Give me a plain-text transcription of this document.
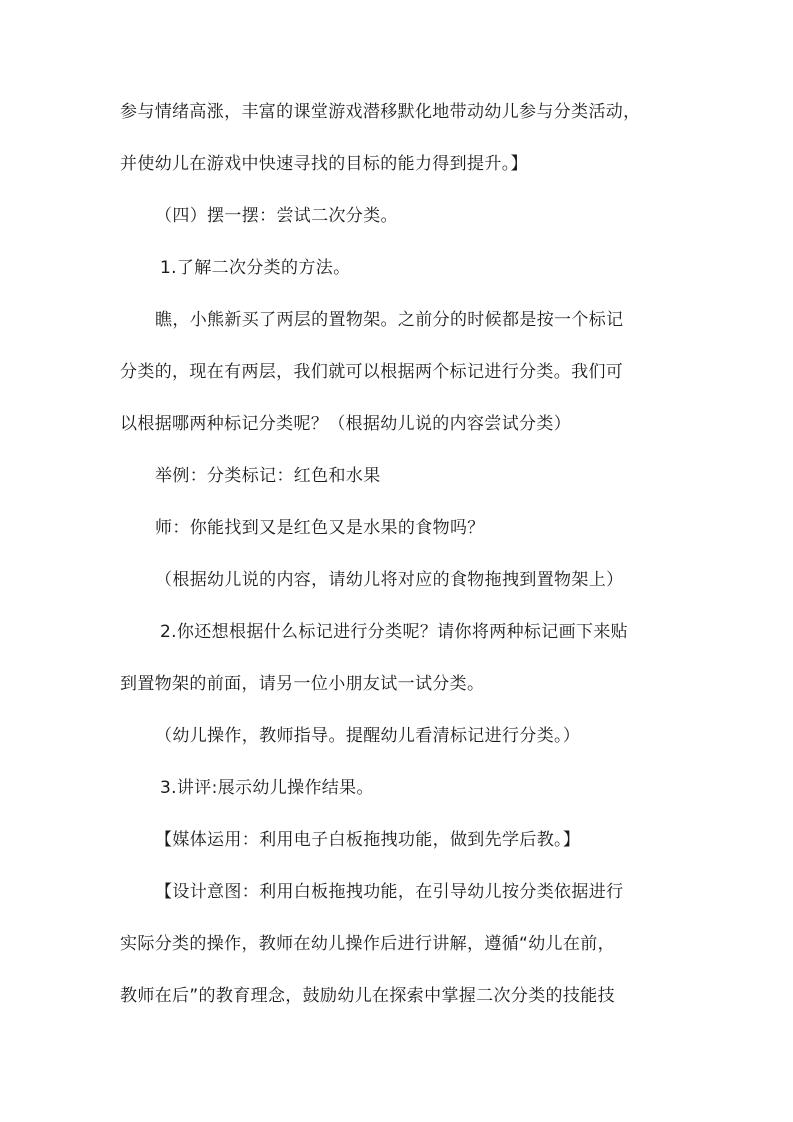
参与情绪高涨，丰富的课堂游戏潜移默化地带动幼儿参与分类活动，
并使幼儿在游戏中快速寻找的目标的能力得到提升。】
（四）摆一摆：尝试二次分类。
1.了解二次分类的方法。
瞧，小熊新买了两层的置物架。之前分的时候都是按一个标记
分类的，现在有两层，我们就可以根据两个标记进行分类。我们可
以根据哪两种标记分类呢？（根据幼儿说的内容尝试分类）
举例：分类标记：红色和水果
师：你能找到又是红色又是水果的食物吗？
（根据幼儿说的内容，请幼儿将对应的食物拖拽到置物架上）
2.你还想根据什么标记进行分类呢？请你将两种标记画下来贴
到置物架的前面，请另一位小朋友试一试分类。
（幼儿操作，教师指导。提醒幼儿看清标记进行分类。）
3.讲评:展示幼儿操作结果。
【媒体运用：利用电子白板拖拽功能，做到先学后教。】
【设计意图：利用白板拖拽功能，在引导幼儿按分类依据进行
实际分类的操作，教师在幼儿操作后进行讲解，遵循“幼儿在前，
教师在后”的教育理念，鼓励幼儿在探索中掌握二次分类的技能技
